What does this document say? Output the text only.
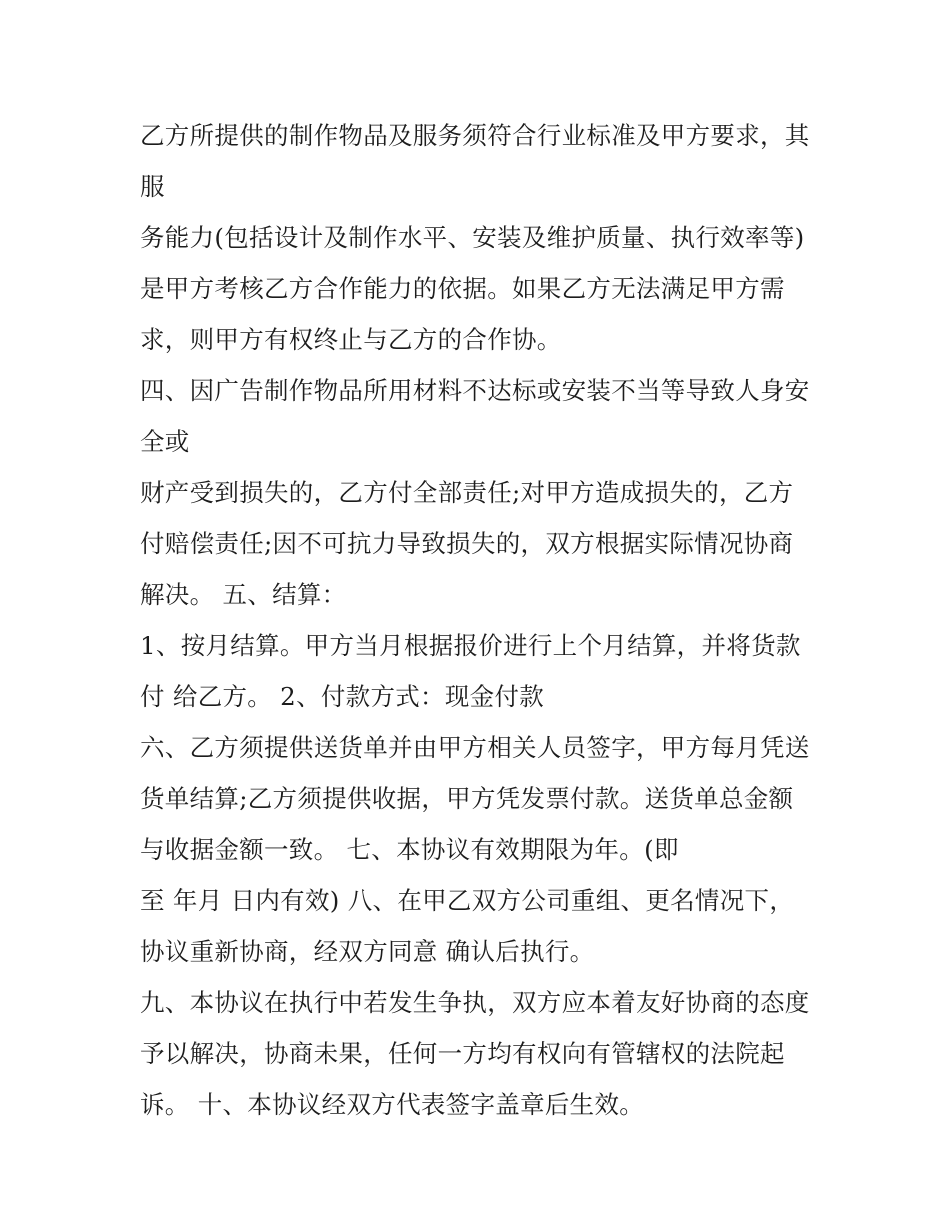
乙方所提供的制作物品及服务须符合行业标准及甲方要求，其
服
务能力(包括设计及制作水平、安装及维护质量、执行效率等)
是甲方考核乙方合作能力的依据。如果乙方无法满足甲方需
求，则甲方有权终止与乙方的合作协。
四、因广告制作物品所用材料不达标或安装不当等导致人身安
全或
财产受到损失的，乙方付全部责任;对甲方造成损失的，乙方
付赔偿责任;因不可抗力导致损失的，双方根据实际情况协商
解决。 五、结算：
1、按月结算。甲方当月根据报价进行上个月结算，并将货款
付 给乙方。 2、付款方式：现金付款
六、乙方须提供送货单并由甲方相关人员签字，甲方每月凭送
货单结算;乙方须提供收据，甲方凭发票付款。送货单总金额
与收据金额一致。 七、本协议有效期限为年。(即
至 年月 日内有效) 八、在甲乙双方公司重组、更名情况下，
协议重新协商，经双方同意 确认后执行。
九、本协议在执行中若发生争执，双方应本着友好协商的态度
予以解决，协商未果，任何一方均有权向有管辖权的法院起
诉。 十、本协议经双方代表签字盖章后生效。
